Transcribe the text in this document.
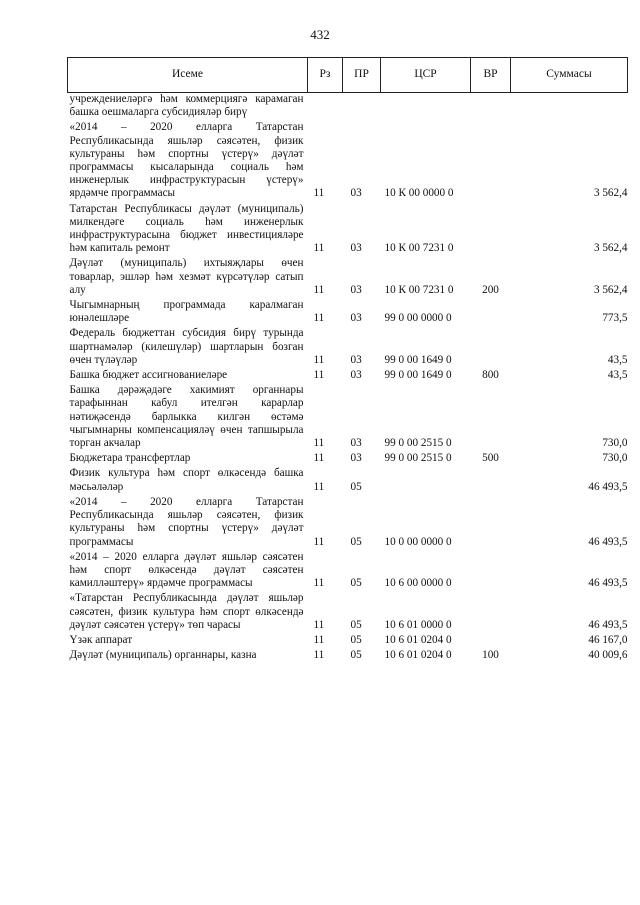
432
Исеме	Рз	ПР	ЦСР	ВР	Суммасы
учреждениеләргә һәм коммерциягә карамаган башка оешмаларга субсидияләр бирү					
«2014 – 2020 елларга Татарстан Республикасында яшьләр сәясәтен, физик культураны һәм спортны үстерү» дәүләт программасы кысаларында социаль һәм инженерлык инфраструктурасын үстерү» ярдәмче программасы	11	03	10 К 00 0000 0		3 562,4
Татарстан Республикасы дәүләт (муниципаль) милкендәге социаль һәм инженерлык инфраструктурасына бюджет инвестицияләре һәм капиталь ремонт	11	03	10 К 00 7231 0		3 562,4
Дәүләт (муниципаль) ихтыяҗлары өчен товарлар, эшләр һәм хезмәт күрсәтүләр сатып алу	11	03	10 К 00 7231 0	200	3 562,4
Чыгымнарның программада каралмаган юнәлешләре	11	03	99 0 00 0000 0		773,5
Федераль бюджеттан субсидия бирү турында шартнамәләр (килешүләр) шартларын бозган өчен түләүләр	11	03	99 0 00 1649 0		43,5
Башка бюджет ассигнованиеләре	11	03	99 0 00 1649 0	800	43,5
Башка дәрәҗәдәге хакимият органнары тарафыннан кабул ителгән карарлар нәтиҗәсендә барлыкка килгән өстәмә чыгымнарны компенсацияләү өчен тапшырыла торган акчалар	11	03	99 0 00 2515 0		730,0
Бюджетара трансфертлар	11	03	99 0 00 2515 0	500	730,0
Физик культура һәм спорт өлкәсендә башка мәсьәләләр	11	05			46 493,5
«2014 – 2020 елларга Татарстан Республикасында яшьләр сәясәтен, физик культураны һәм спортны үстерү» дәүләт программасы	11	05	10 0 00 0000 0		46 493,5
«2014 – 2020 елларга дәүләт яшьләр сәясәтен һәм спорт өлкәсендә дәүләт сәясәтен камилләштерү» ярдәмче программасы	11	05	10 6 00 0000 0		46 493,5
«Татарстан Республикасында дәүләт яшьләр сәясәтен, физик культура һәм спорт өлкәсендә дәүләт сәясәтен үстерү» төп чарасы	11	05	10 6 01 0000 0		46 493,5
Үзәк аппарат	11	05	10 6 01 0204 0		46 167,0
Дәүләт (муниципаль) органнары, казна	11	05	10 6 01 0204 0	100	40 009,6
